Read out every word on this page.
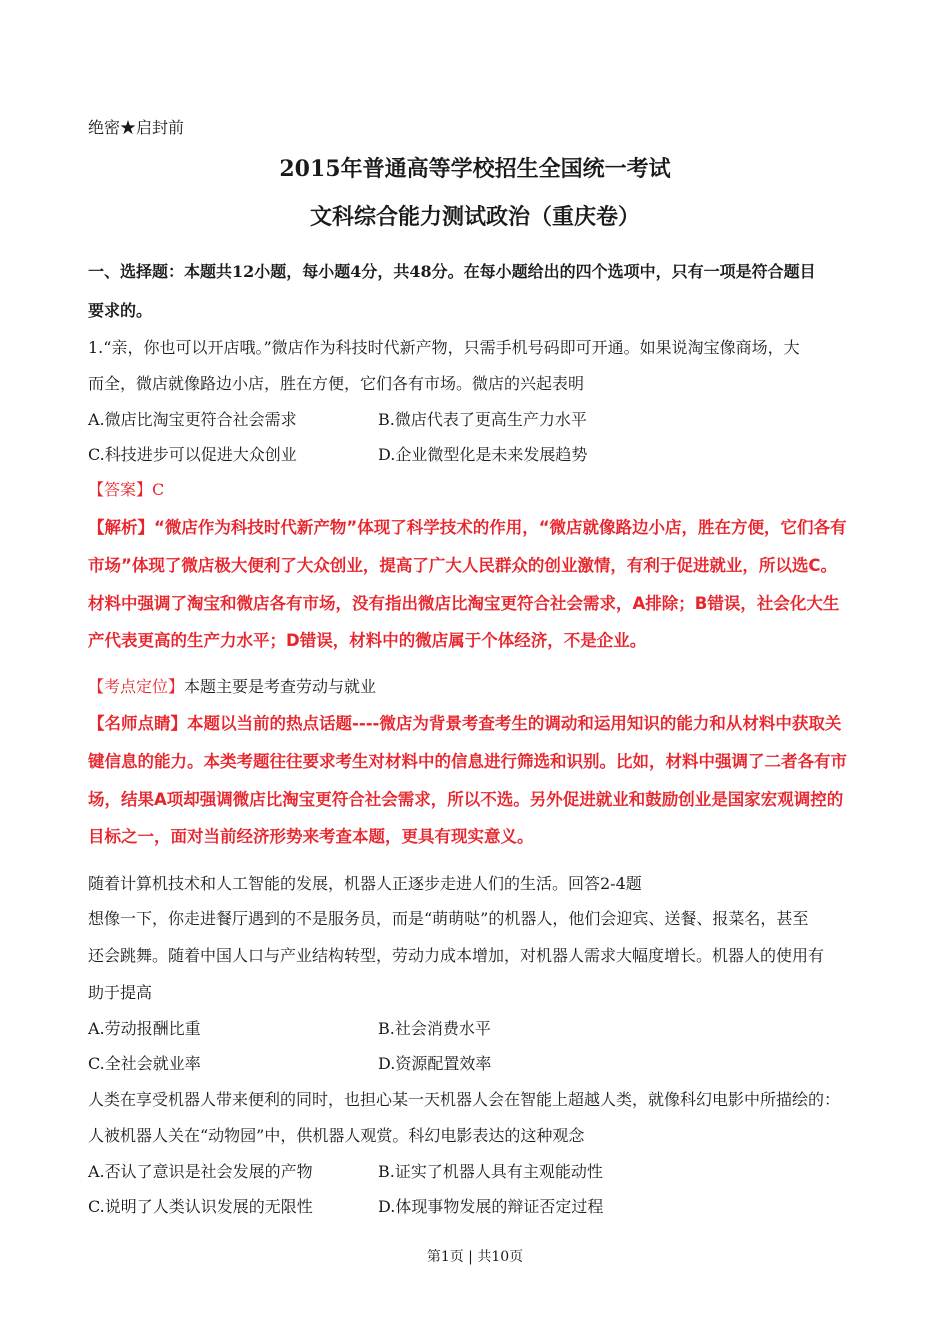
绝密★启封前
2015年普通高等学校招生全国统一考试
文科综合能力测试政治（重庆卷）
一、选择题：本题共12小题，每小题4分，共48分。在每小题给出的四个选项中，只有一项是符合题目
要求的。
1.“亲，你也可以开店哦。”微店作为科技时代新产物，只需手机号码即可开通。如果说淘宝像商场，大
而全，微店就像路边小店，胜在方便，它们各有市场。微店的兴起表明
A.微店比淘宝更符合社会需求	B.微店代表了更高生产力水平
C.科技进步可以促进大众创业	D.企业微型化是未来发展趋势
【答案】C
【解析】“微店作为科技时代新产物”体现了科学技术的作用，“微店就像路边小店，胜在方便，它们各有
市场”体现了微店极大便利了大众创业，提高了广大人民群众的创业激情，有利于促进就业，所以选C。
材料中强调了淘宝和微店各有市场，没有指出微店比淘宝更符合社会需求，A排除；B错误，社会化大生
产代表更高的生产力水平；D错误，材料中的微店属于个体经济，不是企业。
【考点定位】本题主要是考查劳动与就业
【名师点睛】本题以当前的热点话题----微店为背景考查考生的调动和运用知识的能力和从材料中获取关
键信息的能力。本类考题往往要求考生对材料中的信息进行筛选和识别。比如，材料中强调了二者各有市
场，结果A项却强调微店比淘宝更符合社会需求，所以不选。另外促进就业和鼓励创业是国家宏观调控的
目标之一，面对当前经济形势来考查本题，更具有现实意义。
随着计算机技术和人工智能的发展，机器人正逐步走进人们的生活。回答2-4题
想像一下，你走进餐厅遇到的不是服务员，而是“萌萌哒”的机器人，他们会迎宾、送餐、报菜名，甚至
还会跳舞。随着中国人口与产业结构转型，劳动力成本增加，对机器人需求大幅度增长。机器人的使用有
助于提高
A.劳动报酬比重	B.社会消费水平
C.全社会就业率	D.资源配置效率
人类在享受机器人带来便利的同时，也担心某一天机器人会在智能上超越人类，就像科幻电影中所描绘的：
人被机器人关在“动物园”中，供机器人观赏。科幻电影表达的这种观念
A.否认了意识是社会发展的产物	B.证实了机器人具有主观能动性
C.说明了人类认识发展的无限性	D.体现事物发展的辩证否定过程
第1页 | 共10页
